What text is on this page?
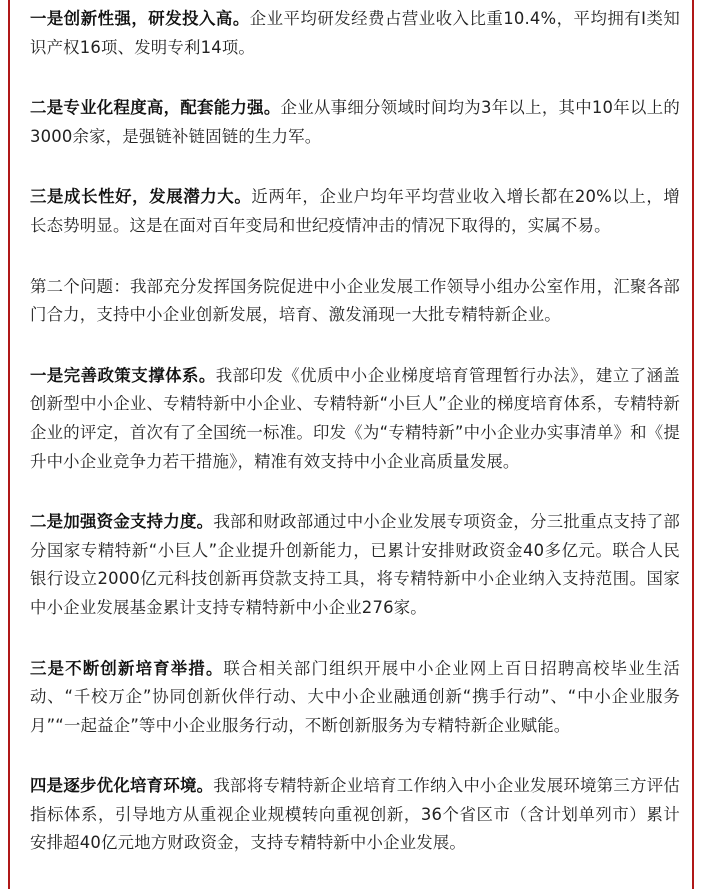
一是创新性强，研发投入高。企业平均研发经费占营业收入比重10.4%，平均拥有I类知识产权16项、发明专利14项。

二是专业化程度高，配套能力强。企业从事细分领域时间均为3年以上，其中10年以上的3000余家，是强链补链固链的生力军。

三是成长性好，发展潜力大。近两年，企业户均年平均营业收入增长都在20%以上，增长态势明显。这是在面对百年变局和世纪疫情冲击的情况下取得的，实属不易。

第二个问题：我部充分发挥国务院促进中小企业发展工作领导小组办公室作用，汇聚各部门合力，支持中小企业创新发展，培育、激发涌现一大批专精特新企业。

一是完善政策支撑体系。我部印发《优质中小企业梯度培育管理暂行办法》，建立了涵盖创新型中小企业、专精特新中小企业、专精特新“小巨人”企业的梯度培育体系，专精特新企业的评定，首次有了全国统一标准。印发《为“专精特新”中小企业办实事清单》和《提升中小企业竞争力若干措施》，精准有效支持中小企业高质量发展。

二是加强资金支持力度。我部和财政部通过中小企业发展专项资金，分三批重点支持了部分国家专精特新“小巨人”企业提升创新能力，已累计安排财政资金40多亿元。联合人民银行设立2000亿元科技创新再贷款支持工具，将专精特新中小企业纳入支持范围。国家中小企业发展基金累计支持专精特新中小企业276家。

三是不断创新培育举措。联合相关部门组织开展中小企业网上百日招聘高校毕业生活动、“千校万企”协同创新伙伴行动、大中小企业融通创新“携手行动”、“中小企业服务月”“一起益企”等中小企业服务行动，不断创新服务为专精特新企业赋能。

四是逐步优化培育环境。我部将专精特新企业培育工作纳入中小企业发展环境第三方评估指标体系，引导地方从重视企业规模转向重视创新，36个省区市（含计划单列市）累计安排超40亿元地方财政资金，支持专精特新中小企业发展。
